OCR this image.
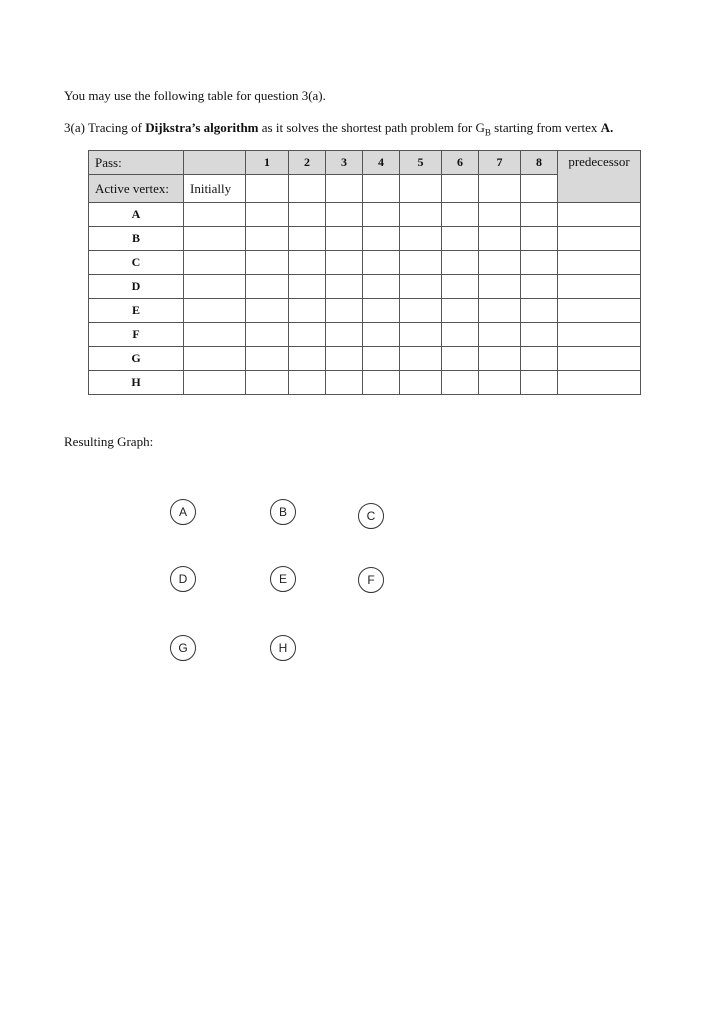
You may use the following table for question 3(a).

3(a) Tracing of Dijkstra’s algorithm as it solves the shortest path problem for $G_B$ starting from vertex A.

Pass:		1	2	3	4	5	6	7	8	predecessor
Active vertex:	Initially									
A										
B										
C										
D										
E										
F										
G										
H										

Resulting Graph:

A	B	C
D	E	F
G	H
